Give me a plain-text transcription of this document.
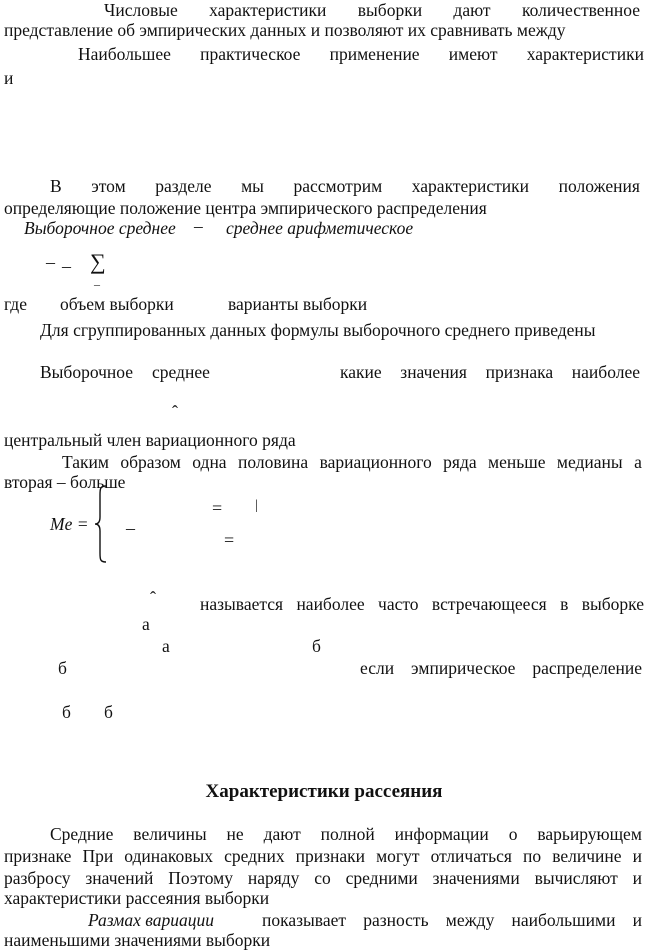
Числовые характеристики выборки дают количественное
представление об эмпирических данных и позволяют их сравнивать между
Наибольшее практическое применение имеют характеристики
и
В этом разделе мы рассмотрим характеристики положения
определяющие положение центра эмпирического распределения
Выборочное среднее – среднее арифметическое
– – ∑
–
где объем выборки	варианты выборки
Для сгруппированных данных формулы выборочного среднего приведены
Выборочное среднее	какие значения признака наиболее
ˆ
центральный член вариационного ряда
Таким образом одна половина вариационного ряда меньше медианы а
вторая – больше
Me =
= |
–
=
ˆ	называется наиболее часто встречающееся в выборке
а
а	б
б	если эмпирическое распределение
б б
Характеристики рассеяния
Средние величины не дают полной информации о варьирующем
признаке При одинаковых средних признаки могут отличаться по величине и
разбросу значений Поэтому наряду со средними значениями вычисляют и
характеристики рассеяния выборки
Размах вариации	показывает разность между наибольшими и
наименьшими значениями выборки
